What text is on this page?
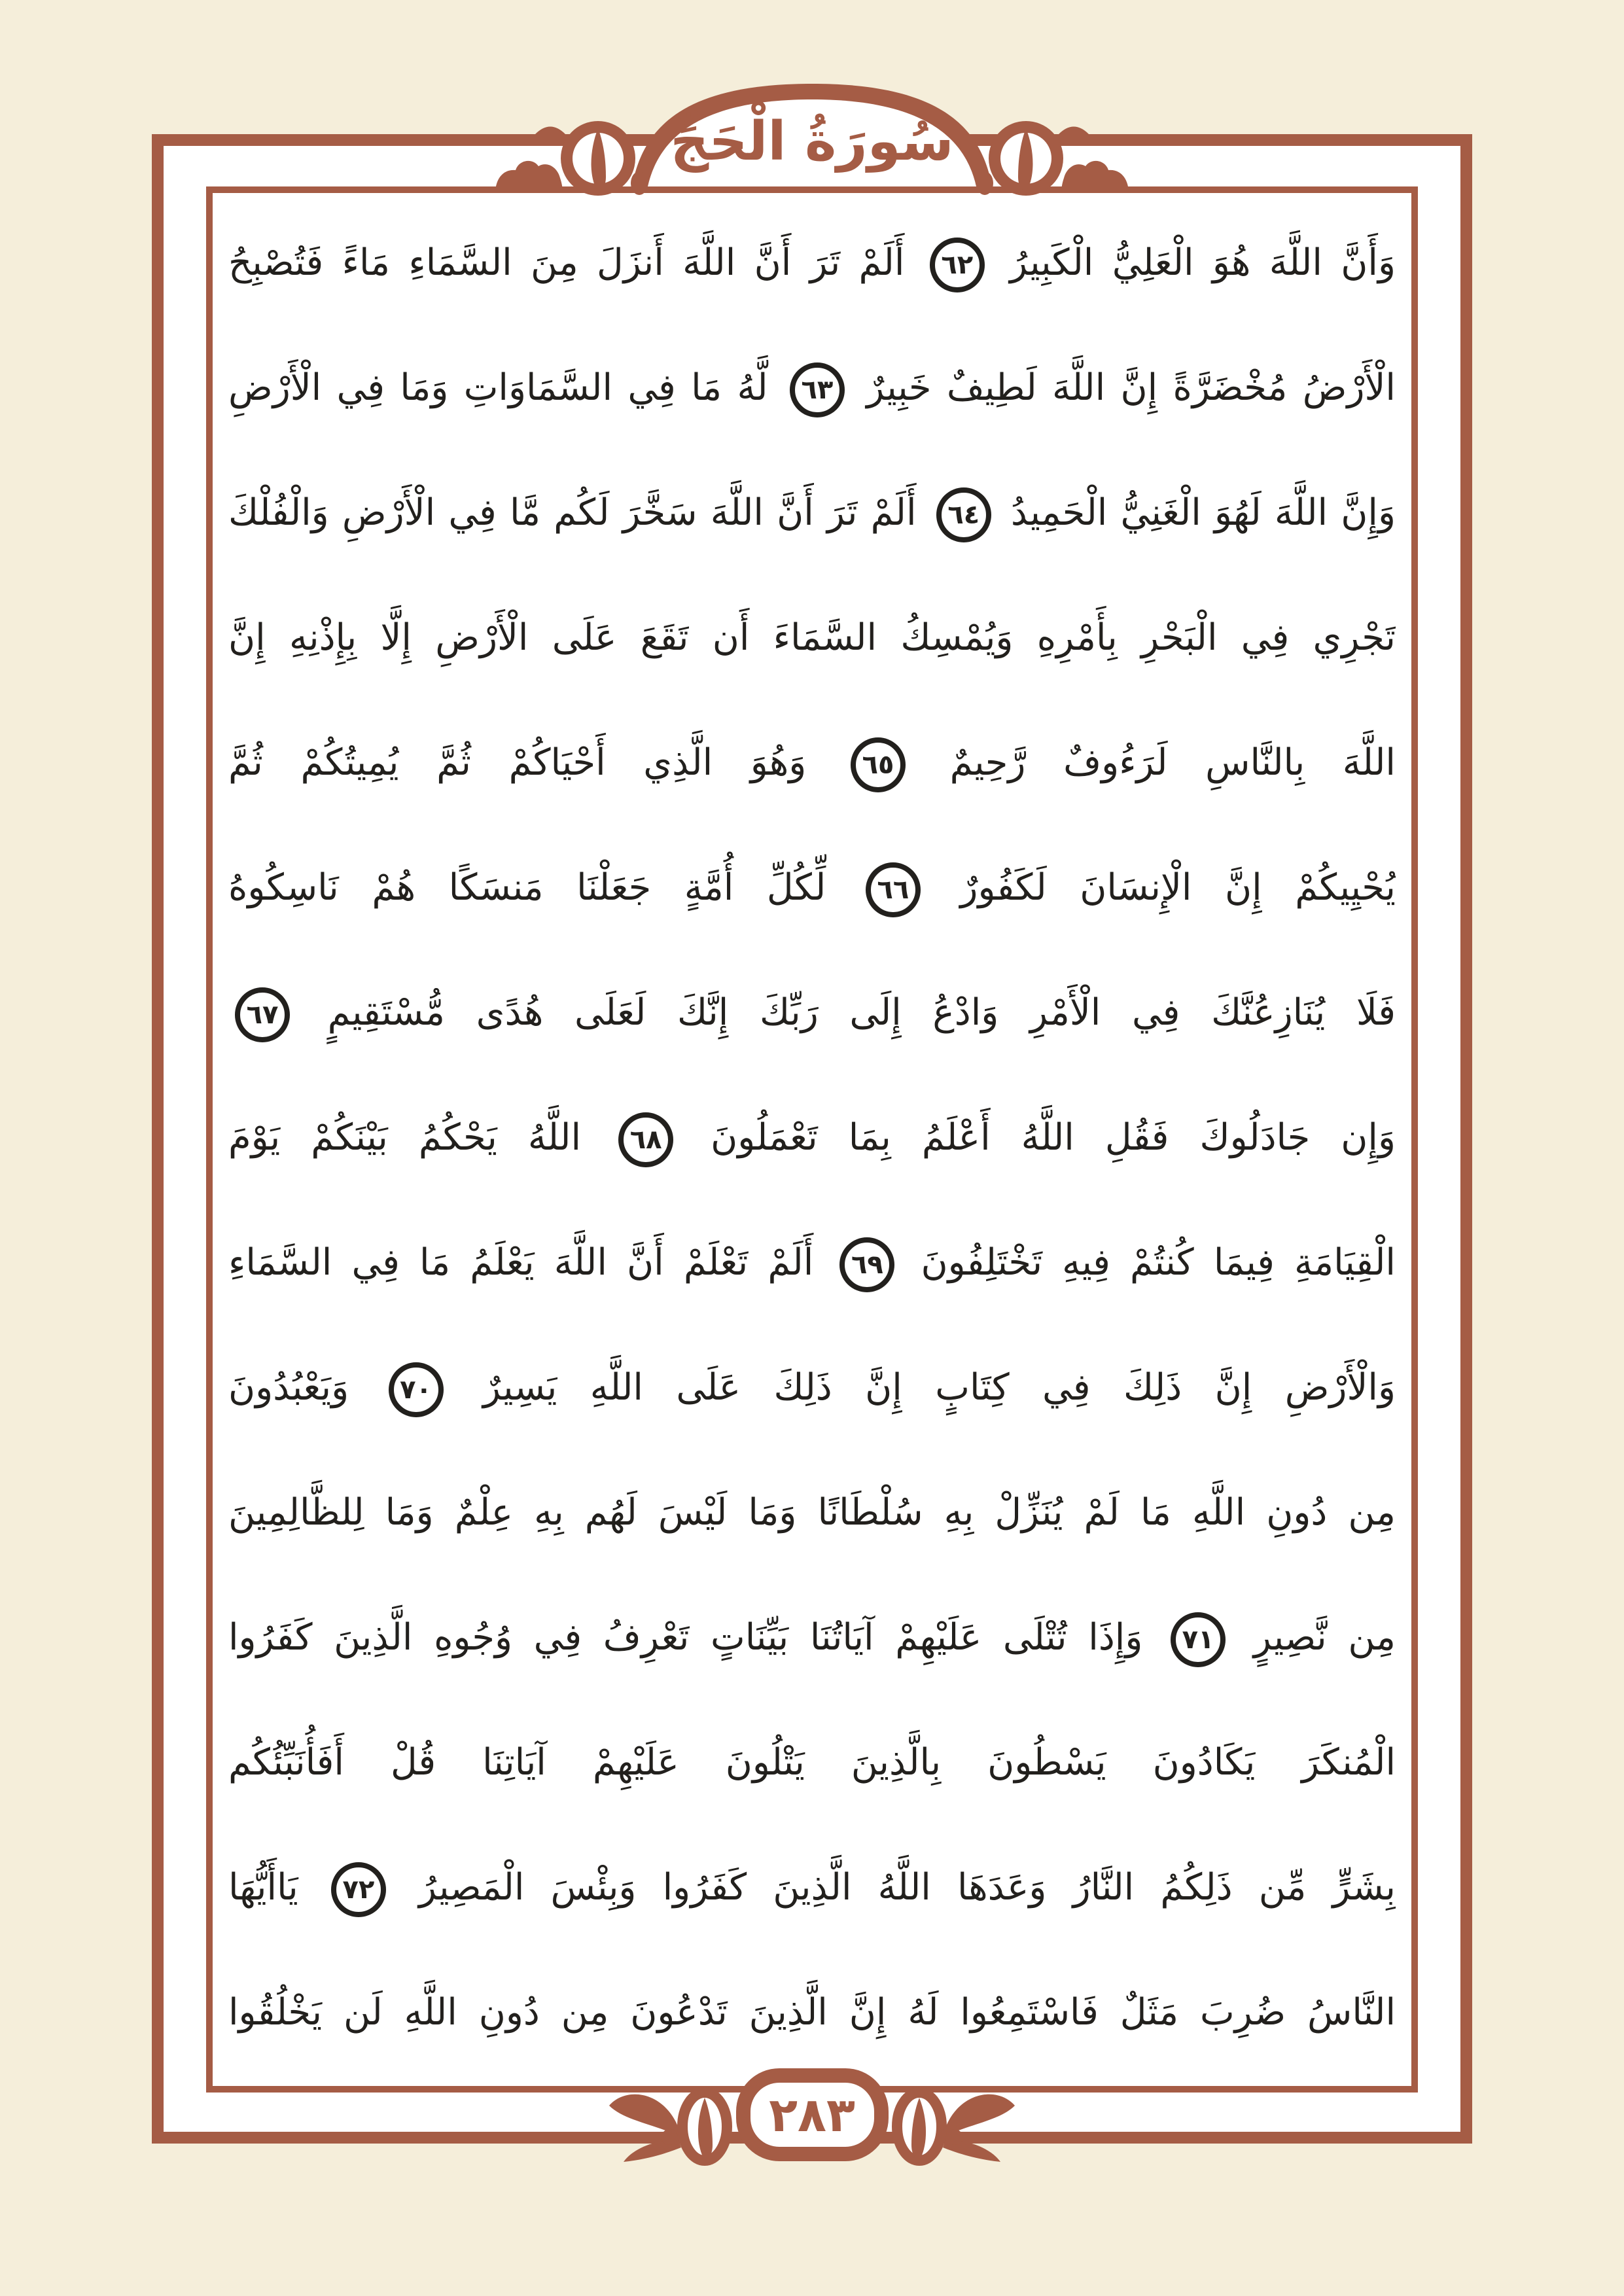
وَأَنَّ اللَّهَ هُوَ الْعَلِيُّ الْكَبِيرُ ٦٢ أَلَمْ تَرَ أَنَّ اللَّهَ أَنزَلَ مِنَ السَّمَاءِ مَاءً فَتُصْبِحُ
الْأَرْضُ مُخْضَرَّةً إِنَّ اللَّهَ لَطِيفٌ خَبِيرٌ ٦٣ لَّهُ مَا فِي السَّمَاوَاتِ وَمَا فِي الْأَرْضِ
وَإِنَّ اللَّهَ لَهُوَ الْغَنِيُّ الْحَمِيدُ ٦٤ أَلَمْ تَرَ أَنَّ اللَّهَ سَخَّرَ لَكُم مَّا فِي الْأَرْضِ وَالْفُلْكَ
تَجْرِي فِي الْبَحْرِ بِأَمْرِهِ وَيُمْسِكُ السَّمَاءَ أَن تَقَعَ عَلَى الْأَرْضِ إِلَّا بِإِذْنِهِ إِنَّ
اللَّهَ بِالنَّاسِ لَرَءُوفٌ رَّحِيمٌ ٦٥ وَهُوَ الَّذِي أَحْيَاكُمْ ثُمَّ يُمِيتُكُمْ ثُمَّ
يُحْيِيكُمْ إِنَّ الْإِنسَانَ لَكَفُورٌ ٦٦ لِّكُلِّ أُمَّةٍ جَعَلْنَا مَنسَكًا هُمْ نَاسِكُوهُ
فَلَا يُنَازِعُنَّكَ فِي الْأَمْرِ وَادْعُ إِلَى رَبِّكَ إِنَّكَ لَعَلَى هُدًى مُّسْتَقِيمٍ ٦٧
وَإِن جَادَلُوكَ فَقُلِ اللَّهُ أَعْلَمُ بِمَا تَعْمَلُونَ ٦٨ اللَّهُ يَحْكُمُ بَيْنَكُمْ يَوْمَ
الْقِيَامَةِ فِيمَا كُنتُمْ فِيهِ تَخْتَلِفُونَ ٦٩ أَلَمْ تَعْلَمْ أَنَّ اللَّهَ يَعْلَمُ مَا فِي السَّمَاءِ
وَالْأَرْضِ إِنَّ ذَلِكَ فِي كِتَابٍ إِنَّ ذَلِكَ عَلَى اللَّهِ يَسِيرٌ ٧٠ وَيَعْبُدُونَ
مِن دُونِ اللَّهِ مَا لَمْ يُنَزِّلْ بِهِ سُلْطَانًا وَمَا لَيْسَ لَهُم بِهِ عِلْمٌ وَمَا لِلظَّالِمِينَ
مِن نَّصِيرٍ ٧١ وَإِذَا تُتْلَى عَلَيْهِمْ آيَاتُنَا بَيِّنَاتٍ تَعْرِفُ فِي وُجُوهِ الَّذِينَ كَفَرُوا
الْمُنكَرَ يَكَادُونَ يَسْطُونَ بِالَّذِينَ يَتْلُونَ عَلَيْهِمْ آيَاتِنَا قُلْ أَفَأُنَبِّئُكُم
بِشَرٍّ مِّن ذَلِكُمُ النَّارُ وَعَدَهَا اللَّهُ الَّذِينَ كَفَرُوا وَبِئْسَ الْمَصِيرُ ٧٢ يَاأَيُّهَا
النَّاسُ ضُرِبَ مَثَلٌ فَاسْتَمِعُوا لَهُ إِنَّ الَّذِينَ تَدْعُونَ مِن دُونِ اللَّهِ لَن يَخْلُقُوا
سُورَةُ الْحَجِّ
٢٨٣
